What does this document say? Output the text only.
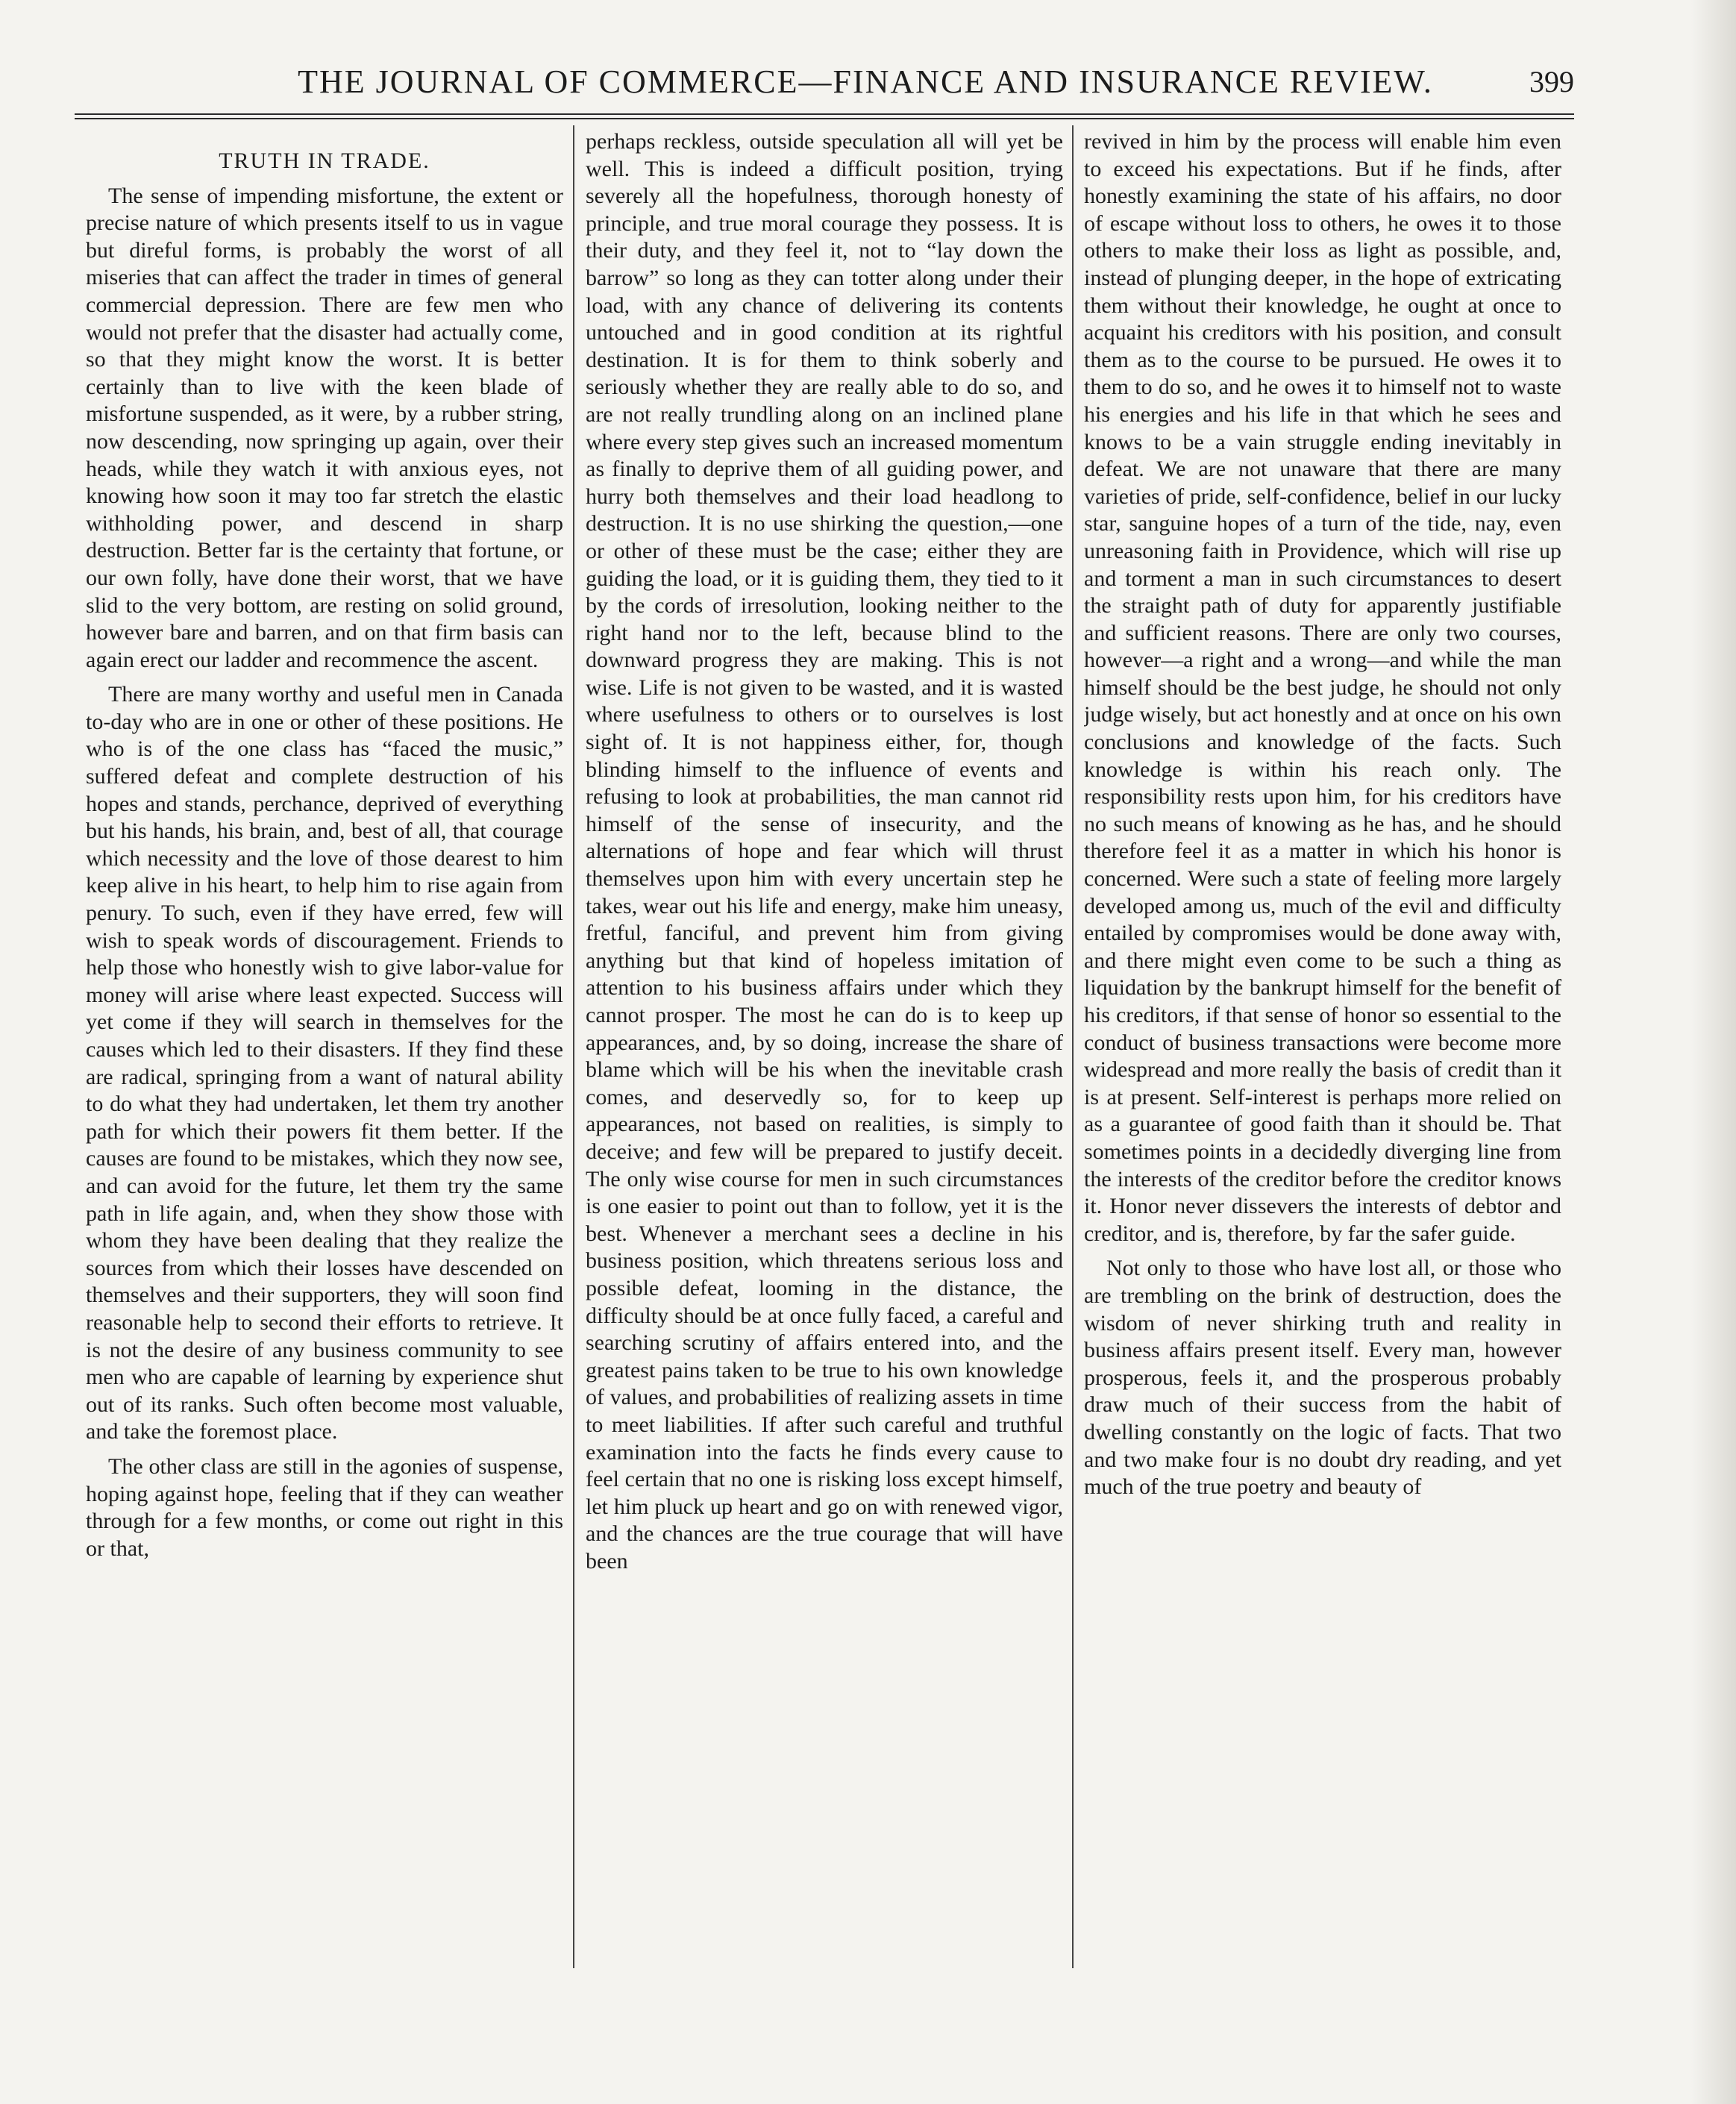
THE JOURNAL OF COMMERCE—FINANCE AND INSURANCE REVIEW.	399
TRUTH IN TRADE.

The sense of impending misfortune, the extent or precise nature of which presents itself to us in vague but direful forms, is probably the worst of all miseries that can affect the trader in times of general commercial depression. There are few men who would not prefer that the disaster had actually come, so that they might know the worst. It is better certainly than to live with the keen blade of misfortune suspended, as it were, by a rubber string, now descending, now springing up again, over their heads, while they watch it with anxious eyes, not knowing how soon it may too far stretch the elastic withholding power, and descend in sharp destruction. Better far is the certainty that fortune, or our own folly, have done their worst, that we have slid to the very bottom, are resting on solid ground, however bare and barren, and on that firm basis can again erect our ladder and recommence the ascent.

There are many worthy and useful men in Canada to-day who are in one or other of these positions. He who is of the one class has “faced the music,” suffered defeat and complete destruction of his hopes and stands, perchance, deprived of everything but his hands, his brain, and, best of all, that courage which necessity and the love of those dearest to him keep alive in his heart, to help him to rise again from penury. To such, even if they have erred, few will wish to speak words of discouragement. Friends to help those who honestly wish to give labor-value for money will arise where least expected. Success will yet come if they will search in themselves for the causes which led to their disasters. If they find these are radical, springing from a want of natural ability to do what they had undertaken, let them try another path for which their powers fit them better. If the causes are found to be mistakes, which they now see, and can avoid for the future, let them try the same path in life again, and, when they show those with whom they have been dealing that they realize the sources from which their losses have descended on themselves and their supporters, they will soon find reasonable help to second their efforts to retrieve. It is not the desire of any business community to see men who are capable of learning by experience shut out of its ranks. Such often become most valuable, and take the foremost place.

The other class are still in the agonies of suspense, hoping against hope, feeling that if they can weather through for a few months, or come out right in this or that,

perhaps reckless, outside speculation all will yet be well. This is indeed a difficult position, trying severely all the hopefulness, thorough honesty of principle, and true moral courage they possess. It is their duty, and they feel it, not to “lay down the barrow” so long as they can totter along under their load, with any chance of delivering its contents untouched and in good condition at its rightful destination. It is for them to think soberly and seriously whether they are really able to do so, and are not really trundling along on an inclined plane where every step gives such an increased momentum as finally to deprive them of all guiding power, and hurry both themselves and their load headlong to destruction. It is no use shirking the question,—one or other of these must be the case; either they are guiding the load, or it is guiding them, they tied to it by the cords of irresolution, looking neither to the right hand nor to the left, because blind to the downward progress they are making. This is not wise. Life is not given to be wasted, and it is wasted where usefulness to others or to ourselves is lost sight of. It is not happiness either, for, though blinding himself to the influence of events and refusing to look at probabilities, the man cannot rid himself of the sense of insecurity, and the alternations of hope and fear which will thrust themselves upon him with every uncertain step he takes, wear out his life and energy, make him uneasy, fretful, fanciful, and prevent him from giving anything but that kind of hopeless imitation of attention to his business affairs under which they cannot prosper. The most he can do is to keep up appearances, and, by so doing, increase the share of blame which will be his when the inevitable crash comes, and deservedly so, for to keep up appearances, not based on realities, is simply to deceive; and few will be prepared to justify deceit. The only wise course for men in such circumstances is one easier to point out than to follow, yet it is the best. Whenever a merchant sees a decline in his business position, which threatens serious loss and possible defeat, looming in the distance, the difficulty should be at once fully faced, a careful and searching scrutiny of affairs entered into, and the greatest pains taken to be true to his own knowledge of values, and probabilities of realizing assets in time to meet liabilities. If after such careful and truthful examination into the facts he finds every cause to feel certain that no one is risking loss except himself, let him pluck up heart and go on with renewed vigor, and the chances are the true courage that will have been

revived in him by the process will enable him even to exceed his expectations. But if he finds, after honestly examining the state of his affairs, no door of escape without loss to others, he owes it to those others to make their loss as light as possible, and, instead of plunging deeper, in the hope of extricating them without their knowledge, he ought at once to acquaint his creditors with his position, and consult them as to the course to be pursued. He owes it to them to do so, and he owes it to himself not to waste his energies and his life in that which he sees and knows to be a vain struggle ending inevitably in defeat. We are not unaware that there are many varieties of pride, self-confidence, belief in our lucky star, sanguine hopes of a turn of the tide, nay, even unreasoning faith in Providence, which will rise up and torment a man in such circumstances to desert the straight path of duty for apparently justifiable and sufficient reasons. There are only two courses, however—a right and a wrong—and while the man himself should be the best judge, he should not only judge wisely, but act honestly and at once on his own conclusions and knowledge of the facts. Such knowledge is within his reach only. The responsibility rests upon him, for his creditors have no such means of knowing as he has, and he should therefore feel it as a matter in which his honor is concerned. Were such a state of feeling more largely developed among us, much of the evil and difficulty entailed by compromises would be done away with, and there might even come to be such a thing as liquidation by the bankrupt himself for the benefit of his creditors, if that sense of honor so essential to the conduct of business transactions were become more widespread and more really the basis of credit than it is at present. Self-interest is perhaps more relied on as a guarantee of good faith than it should be. That sometimes points in a decidedly diverging line from the interests of the creditor before the creditor knows it. Honor never dissevers the interests of debtor and creditor, and is, therefore, by far the safer guide.

Not only to those who have lost all, or those who are trembling on the brink of destruction, does the wisdom of never shirking truth and reality in business affairs present itself. Every man, however prosperous, feels it, and the prosperous probably draw much of their success from the habit of dwelling constantly on the logic of facts. That two and two make four is no doubt dry reading, and yet much of the true poetry and beauty of
